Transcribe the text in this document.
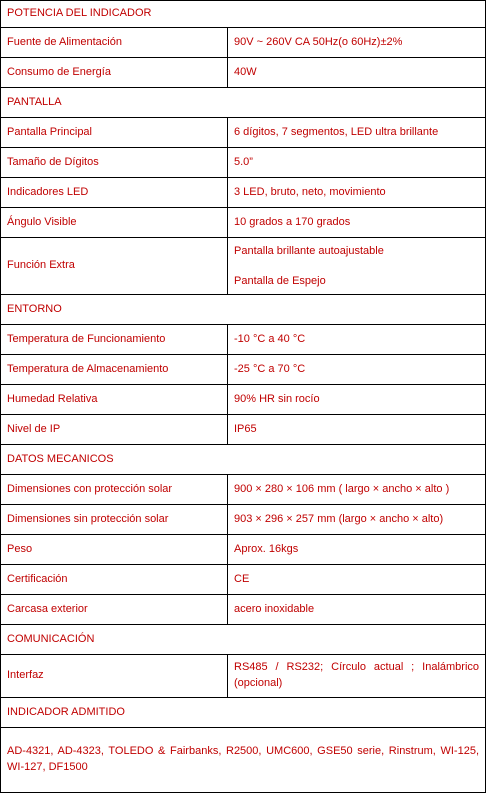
POTENCIA DEL INDICADOR	
Fuente de Alimentación	90V ~ 260V CA 50Hz(o 60Hz)±2%
Consumo de Energía	40W
PANTALLA	
Pantalla Principal	6 dígitos, 7 segmentos, LED ultra brillante
Tamaño de Dígitos	5.0”
Indicadores LED	3 LED, bruto, neto, movimiento
Ángulo Visible	10 grados a 170 grados
Función Extra	Pantalla brillante autoajustable
Pantalla de Espejo

ENTORNO	
Temperatura de Funcionamiento	-10 °C a 40 °C
Temperatura de Almacenamiento	-25 °C a 70 °C
Humedad Relativa	90% HR sin rocío
Nivel de IP	IP65
DATOS MECANICOS	
Dimensiones con protección solar	900 × 280 × 106 mm ( largo × ancho × alto )
Dimensiones sin protección solar	903 × 296 × 257 mm (largo × ancho × alto)
Peso	Aprox. 16kgs
Certificación	CE
Carcasa exterior	acero inoxidable
COMUNICACIÓN	
Interfaz	RS485 / RS232; Círculo actual ; Inalámbrico (opcional)
INDICADOR ADMITIDO	
AD-4321, AD-4323, TOLEDO & Fairbanks, R2500, UMC600, GSE50 serie, Rinstrum, WI-125, WI-127, DF1500	
